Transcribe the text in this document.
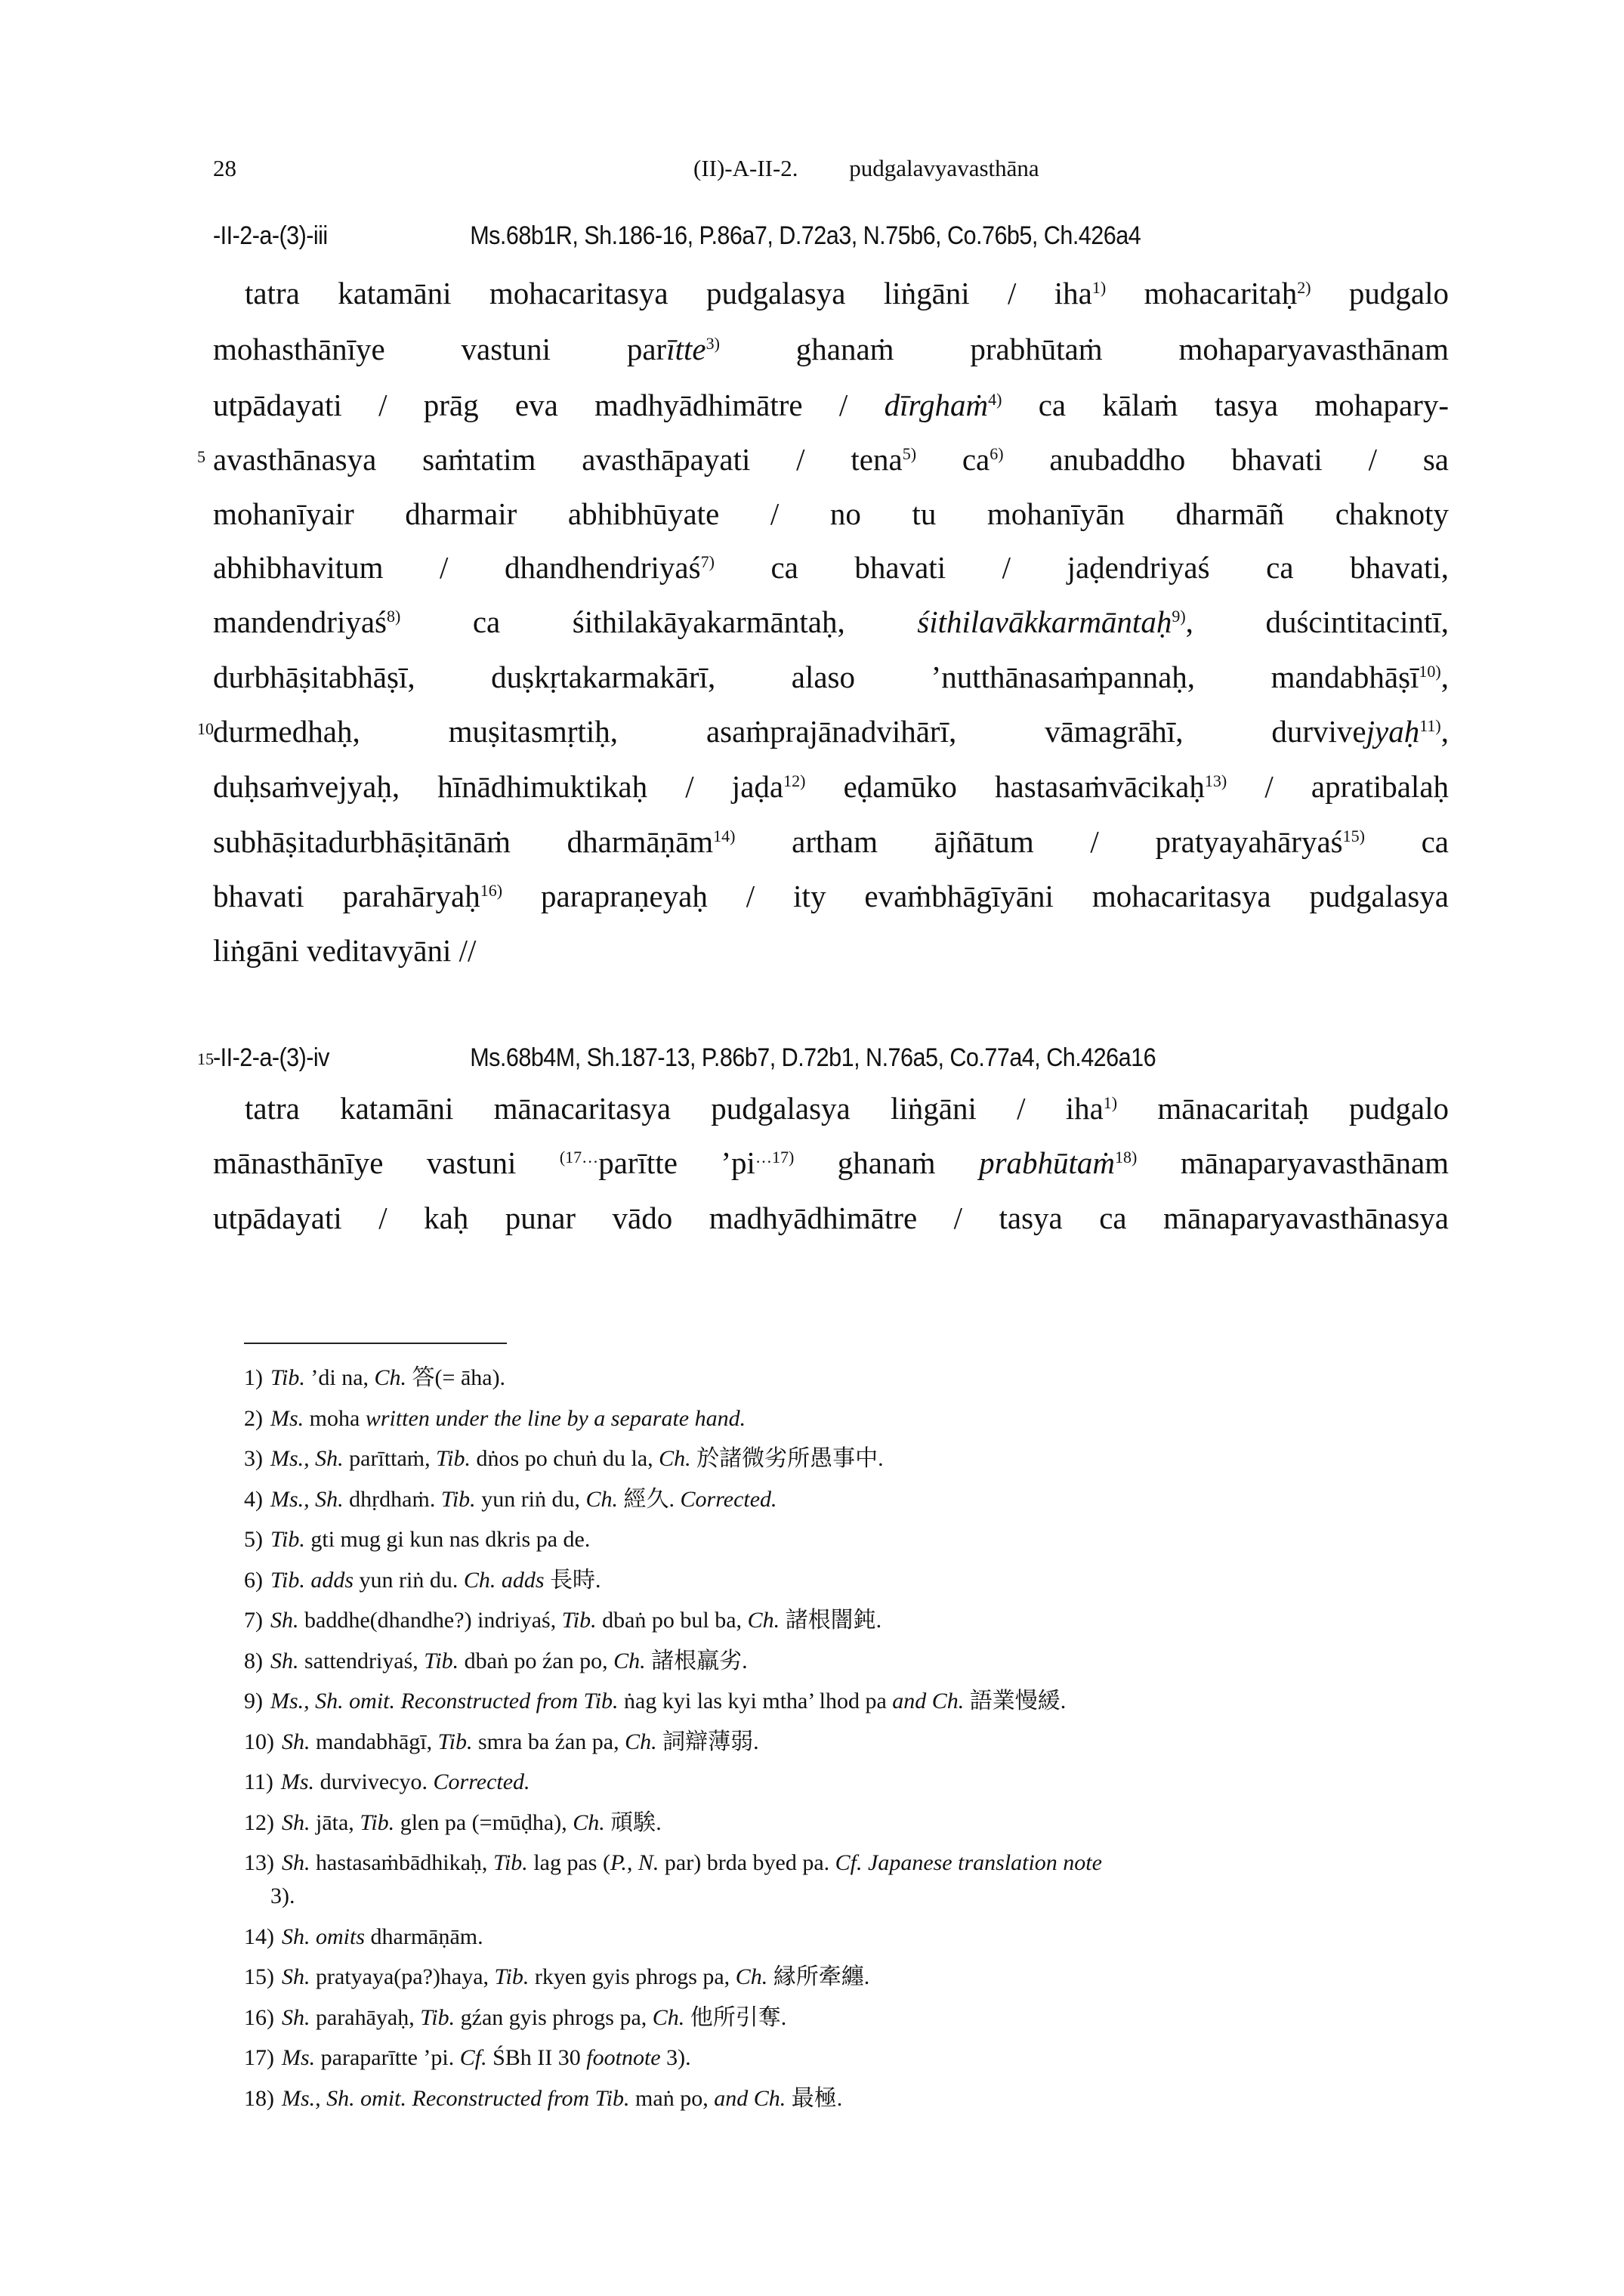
28	(II)-A-II-2. pudgalavyavasthāna
-II-2-a-(3)-iii	Ms.68b1R, Sh.186-16, P.86a7, D.72a3, N.75b6, Co.76b5, Ch.426a4
tatra katamāni mohacaritasya pudgalasya liṅgāni / iha$^{1)}$ mohacaritaḥ$^{2)}$ pudgalo
mohasthānīye vastuni parītte$^{3)}$ ghanaṁ prabhūtaṁ mohaparyavasthānam
utpādayati / prāg eva madhyādhimātre / dīrghaṁ$^{4)}$ ca kālaṁ tasya mohapary-
5 avasthānasya saṁtatim avasthāpayati / tena$^{5)}$ $ca^{6)}$ anubaddho bhavati / sa
mohanīyair dharmair abhibhūyate / no tu mohanīyān dharmāñ chaknoty
abhibhavitum / dhandhendriyaś$^{7)}$ ca bhavati / jaḍendriyaś ca bhavati,
mandendriyaś$^{8)}$ ca śithilakāyakarmāntaḥ, śithilavākkarmāntaḥ$^{9)}$, duścintitacintī,
durbhāṣitabhāṣī, duṣkṛtakarmakārī, alaso ’nutthānasaṁpannaḥ, mandabhāṣī$^{10)}$,
10 durmedhaḥ, muṣitasmṛtiḥ, asaṁprajānadvihārī, vāmagrāhī, durvivejyaḥ$^{11)}$,
duḥsaṁvejyaḥ, hīnādhimuktikaḥ / jaḍa$^{12)}$ eḍamūko hastasaṁvācikaḥ$^{13)}$ / apratibalaḥ
subhāṣitadurbhāṣitānāṁ dharmāṇām$^{14)}$ artham ājñātum / pratyayahāryaś$^{15)}$ ca
bhavati parahāryaḥ$^{16)}$ parapraṇeyaḥ / ity evaṁbhāgīyāni mohacaritasya pudgalasya
liṅgāni veditavyāni //
15 -II-2-a-(3)-iv	Ms.68b4M, Sh.187-13, P.86b7, D.72b1, N.76a5, Co.77a4, Ch.426a16
tatra katamāni mānacaritasya pudgalasya liṅgāni / iha$^{1)}$ mānacaritaḥ pudgalo
mānasthānīye vastuni	$^{(17\dots}$parītte $’pi^{\dots 17)}$ ghanaṁ prabhūtaṁ$^{18)}$ mānaparyavasthānam
utpādayati / kaḥ punar vādo madhyādhimātre / tasya ca mānaparyavasthānasya
1) Tib. ’di na, Ch. 答(= āha).
2) Ms. moha written under the line by a separate hand.
3) Ms., Sh. parīttaṁ, Tib. dṅos po chuṅ du la, Ch. 於諸微劣所愚事中.
4) Ms., Sh. dhṛdhaṁ. Tib. yun riṅ du, Ch. 經久. Corrected.
5) Tib. gti mug gi kun nas dkris pa de.
6) Tib. adds yun riṅ du. Ch. adds 長時.
7) Sh. baddhe(dhandhe?) indriyaś, Tib. dbaṅ po bul ba, Ch. 諸根闇鈍.
8) Sh. sattendriyaś, Tib. dbaṅ po źan po, Ch. 諸根羸劣.
9) Ms., Sh. omit. Reconstructed from Tib. ṅag kyi las kyi mtha’ lhod pa and Ch. 語業慢緩.
10) Sh. mandabhāgī, Tib. smra ba źan pa, Ch. 詞辯薄弱.
11) Ms. durvivecyo. Corrected.
12) Sh. jāta, Tib. glen pa (=mūḍha), Ch. 頑騃.
13) Sh. hastasaṁbādhikaḥ, Tib. lag pas (P., N. par) brda byed pa. Cf. Japanese translation note
3).
14) Sh. omits dharmāṇām.
15) Sh. pratyaya(pa?)haya, Tib. rkyen gyis phrogs pa, Ch. 縁所牽纏.
16) Sh. parahāyaḥ, Tib. gźan gyis phrogs pa, Ch. 他所引奪.
17) Ms. paraparītte ’pi. Cf. ŚBh II 30 footnote 3).
18) Ms., Sh. omit. Reconstructed from Tib. maṅ po, and Ch. 最極.
